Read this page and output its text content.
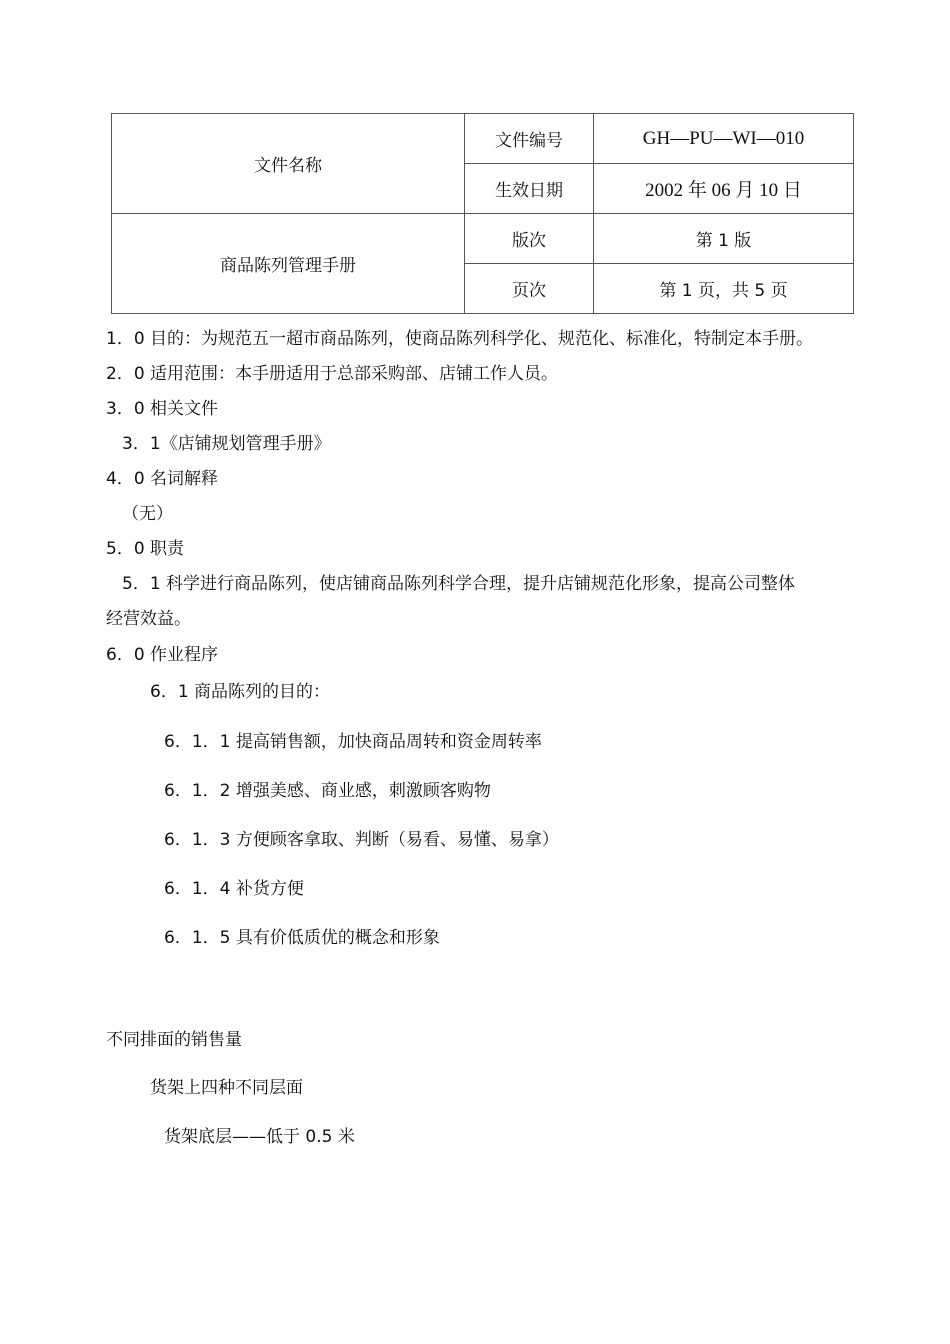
文件名称	文件编号	GH—PU—WI—010
	生效日期	2002 年 06 月 10 日
商品陈列管理手册	版次	第 1 版
	页次	第 1 页，共 5 页
1．0 目的：为规范五一超市商品陈列，使商品陈列科学化、规范化、标准化，特制定本手册。
2．0 适用范围：本手册适用于总部采购部、店铺工作人员。
3．0 相关文件
3．1《店铺规划管理手册》
4．0 名词解释
（无）
5．0 职责
5．1 科学进行商品陈列，使店铺商品陈列科学合理，提升店铺规范化形象，提高公司整体
经营效益。
6．0 作业程序
6．1 商品陈列的目的：
6．1．1 提高销售额，加快商品周转和资金周转率
6．1．2 增强美感、商业感，刺激顾客购物
6．1．3 方便顾客拿取、判断（易看、易懂、易拿）
6．1．4 补货方便
6．1．5 具有价低质优的概念和形象
不同排面的销售量
货架上四种不同层面
货架底层——低于 0.5 米
